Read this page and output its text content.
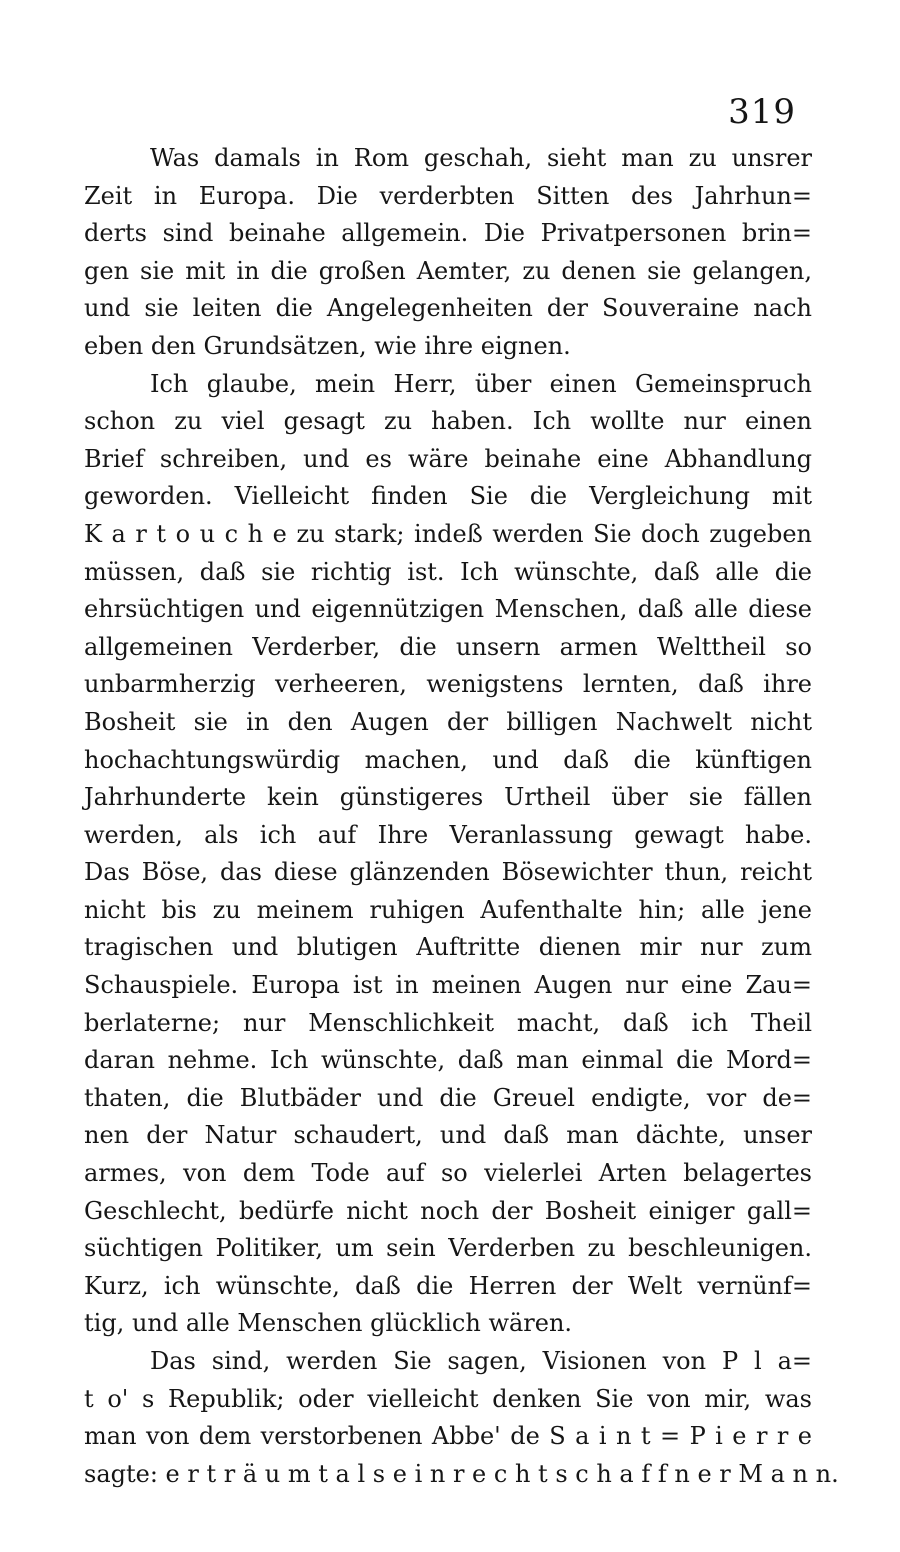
319
Was damals in Rom geschah, sieht man zu unsrer
Zeit in Europa. Die verderbten Sitten des Jahrhun=
derts sind beinahe allgemein. Die Privatpersonen brin=
gen sie mit in die großen Aemter, zu denen sie gelangen,
und sie leiten die Angelegenheiten der Souveraine nach
eben den Grundsätzen, wie ihre eignen.
Ich glaube, mein Herr, über einen Gemeinspruch
schon zu viel gesagt zu haben. Ich wollte nur einen
Brief schreiben, und es wäre beinahe eine Abhandlung
geworden. Vielleicht finden Sie die Vergleichung mit
K a r t o u c h e zu stark; indeß werden Sie doch zugeben
müssen, daß sie richtig ist. Ich wünschte, daß alle die
ehrsüchtigen und eigennützigen Menschen, daß alle diese
allgemeinen Verderber, die unsern armen Welttheil so
unbarmherzig verheeren, wenigstens lernten, daß ihre
Bosheit sie in den Augen der billigen Nachwelt nicht
hochachtungswürdig machen, und daß die künftigen
Jahrhunderte kein günstigeres Urtheil über sie fällen
werden, als ich auf Ihre Veranlassung gewagt habe.
Das Böse, das diese glänzenden Bösewichter thun, reicht
nicht bis zu meinem ruhigen Aufenthalte hin; alle jene
tragischen und blutigen Auftritte dienen mir nur zum
Schauspiele. Europa ist in meinen Augen nur eine Zau=
berlaterne; nur Menschlichkeit macht, daß ich Theil
daran nehme. Ich wünschte, daß man einmal die Mord=
thaten, die Blutbäder und die Greuel endigte, vor de=
nen der Natur schaudert, und daß man dächte, unser
armes, von dem Tode auf so vielerlei Arten belagertes
Geschlecht, bedürfe nicht noch der Bosheit einiger gall=
süchtigen Politiker, um sein Verderben zu beschleunigen.
Kurz, ich wünschte, daß die Herren der Welt vernünf=
tig, und alle Menschen glücklich wären.
Das sind, werden Sie sagen, Visionen von P l a=
t o' s Republik; oder vielleicht denken Sie von mir, was
man von dem verstorbenen Abbe' de S a i n t = P i e r r e
sagte: e r t r ä u m t a l s e i n r e c h t s c h a f f n e r M a n n.
